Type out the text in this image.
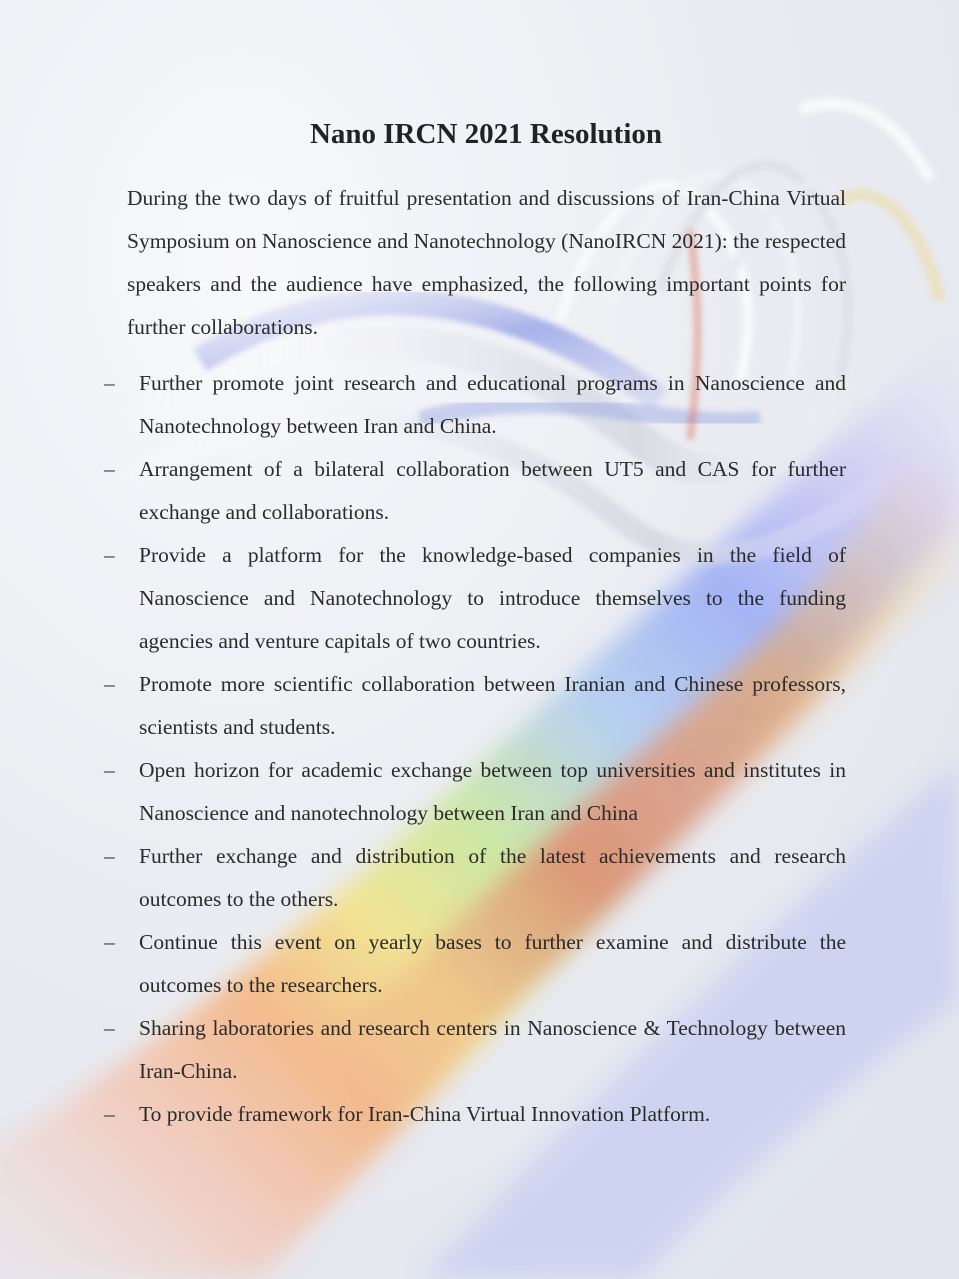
Nano IRCN 2021 Resolution

During the two days of fruitful presentation and discussions of Iran-China Virtual Symposium on Nanoscience and Nanotechnology (NanoIRCN 2021): the respected speakers and the audience have emphasized, the following important points for further collaborations.

–	Further promote joint research and educational programs in Nanoscience and Nanotechnology between Iran and China.
–	Arrangement of a bilateral collaboration between UT5 and CAS for further exchange and collaborations.
–	Provide a platform for the knowledge-based companies in the field of Nanoscience and Nanotechnology to introduce themselves to the funding agencies and venture capitals of two countries.
–	Promote more scientific collaboration between Iranian and Chinese professors, scientists and students.
–	Open horizon for academic exchange between top universities and institutes in Nanoscience and nanotechnology between Iran and China
–	Further exchange and distribution of the latest achievements and research outcomes to the others.
–	Continue this event on yearly bases to further examine and distribute the outcomes to the researchers.
–	Sharing laboratories and research centers in Nanoscience & Technology between Iran-China.
–	To provide framework for Iran-China Virtual Innovation Platform.
